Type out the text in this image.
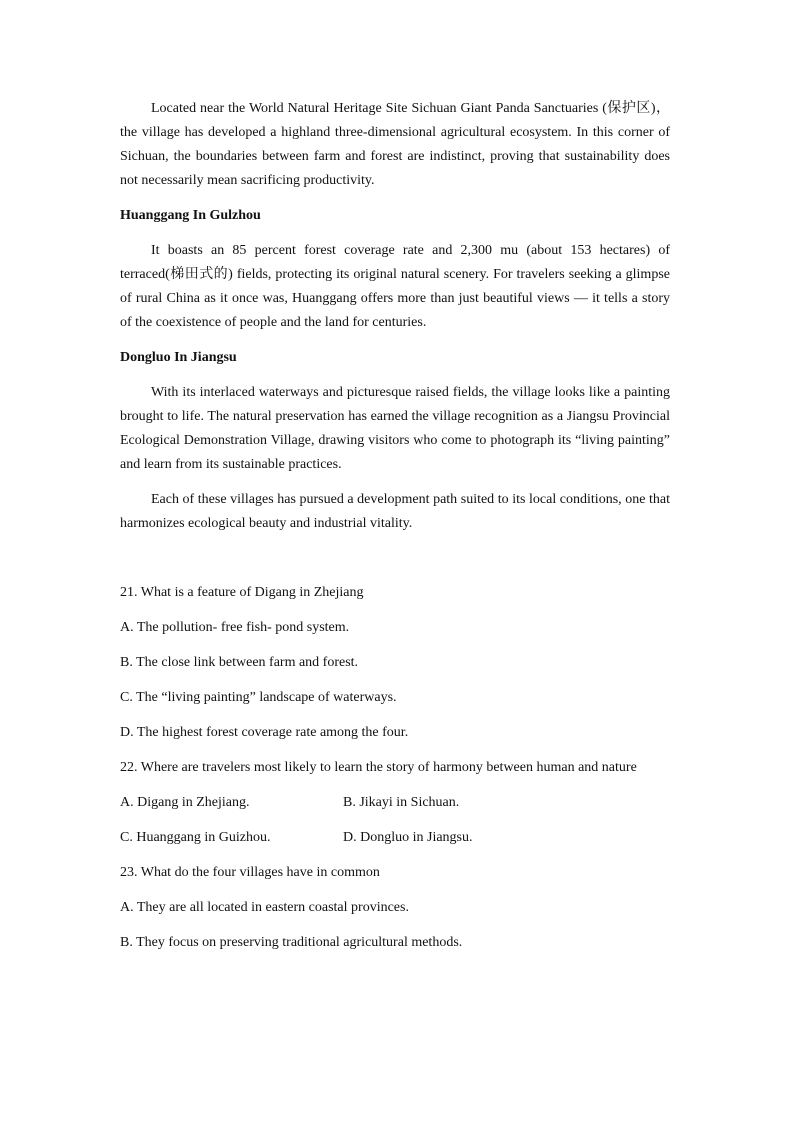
Located near the World Natural Heritage Site Sichuan Giant Panda Sanctuaries (保护区)，the village has developed a highland three-dimensional agricultural ecosystem. In this corner of Sichuan, the boundaries between farm and forest are indistinct, proving that sustainability does not necessarily mean sacrificing productivity.

Huanggang In Gulzhou

It boasts an 85 percent forest coverage rate and 2,300 mu (about 153 hectares) of terraced(梯田式的) fields, protecting its original natural scenery. For travelers seeking a glimpse of rural China as it once was, Huanggang offers more than just beautiful views — it tells a story of the coexistence of people and the land for centuries.

Dongluo In Jiangsu

With its interlaced waterways and picturesque raised fields, the village looks like a painting brought to life. The natural preservation has earned the village recognition as a Jiangsu Provincial Ecological Demonstration Village, drawing visitors who come to photograph its “living painting” and learn from its sustainable practices.

Each of these villages has pursued a development path suited to its local conditions, one that harmonizes ecological beauty and industrial vitality.

21. What is a feature of Digang in Zhejiang

A. The pollution- free fish- pond system.

B. The close link between farm and forest.

C. The “living painting” landscape of waterways.

D. The highest forest coverage rate among the four.

22. Where are travelers most likely to learn the story of harmony between human and nature

A. Digang in Zhejiang.	B. Jikayi in Sichuan.
C. Huanggang in Guizhou.	D. Dongluo in Jiangsu.

23. What do the four villages have in common

A. They are all located in eastern coastal provinces.

B. They focus on preserving traditional agricultural methods.
